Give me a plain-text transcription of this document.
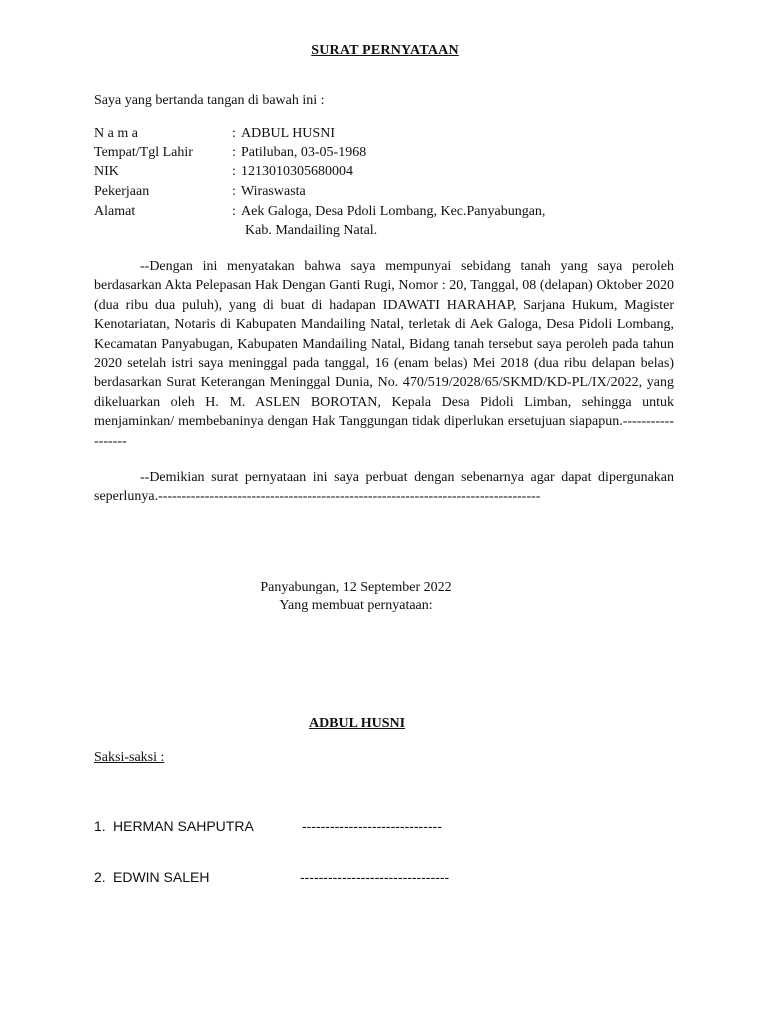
SURAT PERNYATAAN
Saya yang bertanda tangan di bawah ini :
N a m a	: ADBUL HUSNI
Tempat/Tgl Lahir	: Patiluban, 03-05-1968
NIK	: 1213010305680004
Pekerjaan	: Wiraswasta
Alamat	: Aek Galoga, Desa Pdoli Lombang, Kec.Panyabungan,
Kab. Mandailing Natal.
--Dengan ini menyatakan bahwa saya mempunyai sebidang tanah yang saya peroleh berdasarkan Akta Pelepasan Hak Dengan Ganti Rugi, Nomor : 20, Tanggal, 08 (delapan) Oktober 2020 (dua ribu dua puluh), yang di buat di hadapan IDAWATI HARAHAP, Sarjana Hukum, Magister Kenotariatan, Notaris di Kabupaten Mandailing Natal, terletak di Aek Galoga, Desa Pidoli Lombang, Kecamatan Panyabugan, Kabupaten Mandailing Natal, Bidang tanah tersebut saya peroleh pada tahun 2020 setelah istri saya meninggal pada tanggal, 16 (enam belas) Mei 2018 (dua ribu delapan belas) berdasarkan Surat Keterangan Meninggal Dunia, No. 470/519/2028/65/SKMD/KD-PL/IX/2022, yang dikeluarkan oleh H. M. ASLEN BOROTAN, Kepala Desa Pidoli Limban, sehingga untuk menjaminkan/ membebaninya dengan Hak Tanggungan tidak diperlukan ersetujuan siapapun.------------------
--Demikian surat pernyataan ini saya perbuat dengan sebenarnya agar dapat dipergunakan seperlunya.----------------------------------------------------------------------------------
Panyabungan, 12 September 2022
Yang membuat pernyataan:
ADBUL HUSNI
Saksi-saksi :
1. HERMAN SAHPUTRA	------------------------------
2. EDWIN SALEH	--------------------------------
